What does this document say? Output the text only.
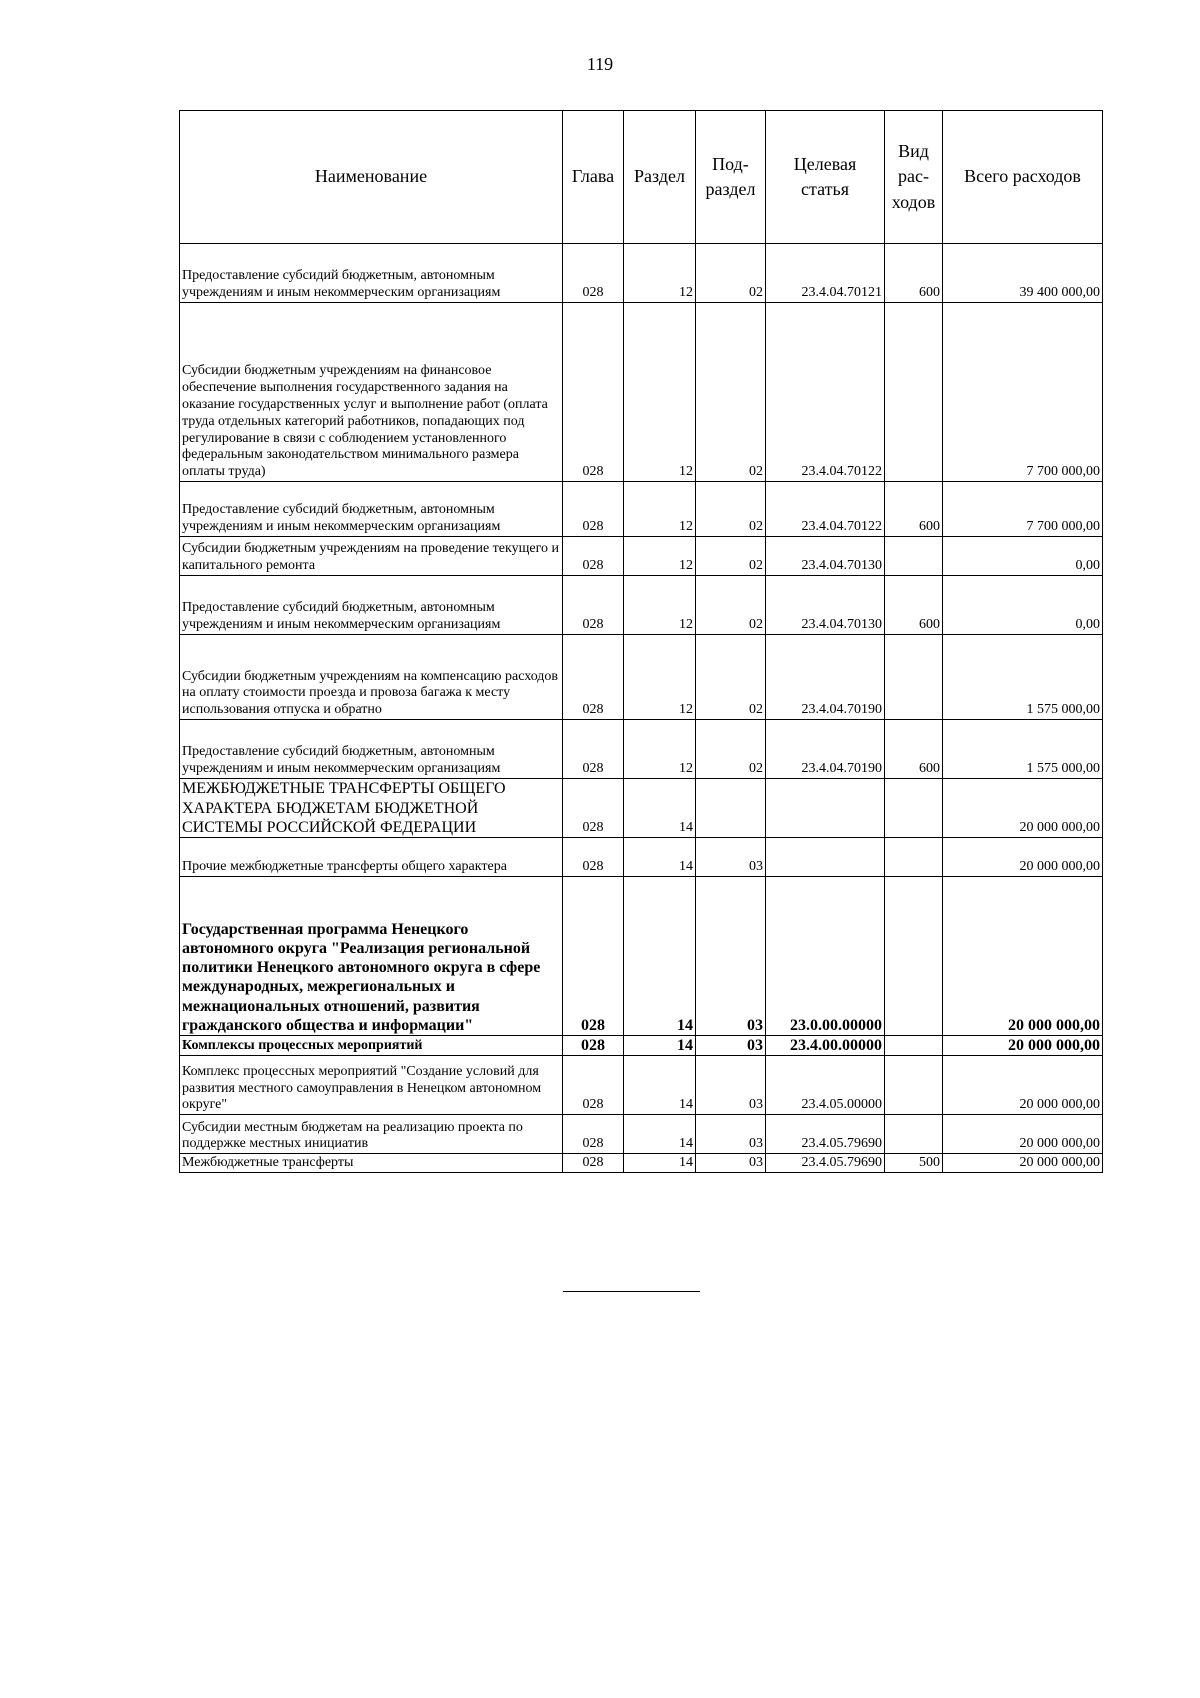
119
Наименование	Глава	Раздел	Под-раздел	Целевая статья	Вид рас-ходов	Всего расходов
Предоставление субсидий бюджетным, автономным учреждениям и иным некоммерческим организациям	028	12	02	23.4.04.70121	600	39 400 000,00
Субсидии бюджетным учреждениям на финансовое обеспечение выполнения государственного задания на оказание государственных услуг и выполнение работ (оплата труда отдельных категорий работников, попадающих под регулирование в связи с соблюдением установленного федеральным законодательством минимального размера оплаты труда)	028	12	02	23.4.04.70122		7 700 000,00
Предоставление субсидий бюджетным, автономным учреждениям и иным некоммерческим организациям	028	12	02	23.4.04.70122	600	7 700 000,00
Субсидии бюджетным учреждениям на проведение текущего и капитального ремонта	028	12	02	23.4.04.70130		0,00
Предоставление субсидий бюджетным, автономным учреждениям и иным некоммерческим организациям	028	12	02	23.4.04.70130	600	0,00
Субсидии бюджетным учреждениям на компенсацию расходов на оплату стоимости проезда и провоза багажа к месту использования отпуска и обратно	028	12	02	23.4.04.70190		1 575 000,00
Предоставление субсидий бюджетным, автономным учреждениям и иным некоммерческим организациям	028	12	02	23.4.04.70190	600	1 575 000,00
МЕЖБЮДЖЕТНЫЕ ТРАНСФЕРТЫ ОБЩЕГО ХАРАКТЕРА БЮДЖЕТАМ БЮДЖЕТНОЙ СИСТЕМЫ РОССИЙСКОЙ ФЕДЕРАЦИИ	028	14				20 000 000,00
Прочие межбюджетные трансферты общего характера	028	14	03			20 000 000,00
Государственная программа Ненецкого автономного округа "Реализация региональной политики Ненецкого автономного округа в сфере международных, межрегиональных и межнациональных отношений, развития гражданского общества и информации"	028	14	03	23.0.00.00000		20 000 000,00
Комплексы процессных мероприятий	028	14	03	23.4.00.00000		20 000 000,00
Комплекс процессных мероприятий "Создание условий для развития местного самоуправления в Ненецком автономном округе"	028	14	03	23.4.05.00000		20 000 000,00
Субсидии местным бюджетам на реализацию проекта по поддержке местных инициатив	028	14	03	23.4.05.79690		20 000 000,00
Межбюджетные трансферты	028	14	03	23.4.05.79690	500	20 000 000,00
